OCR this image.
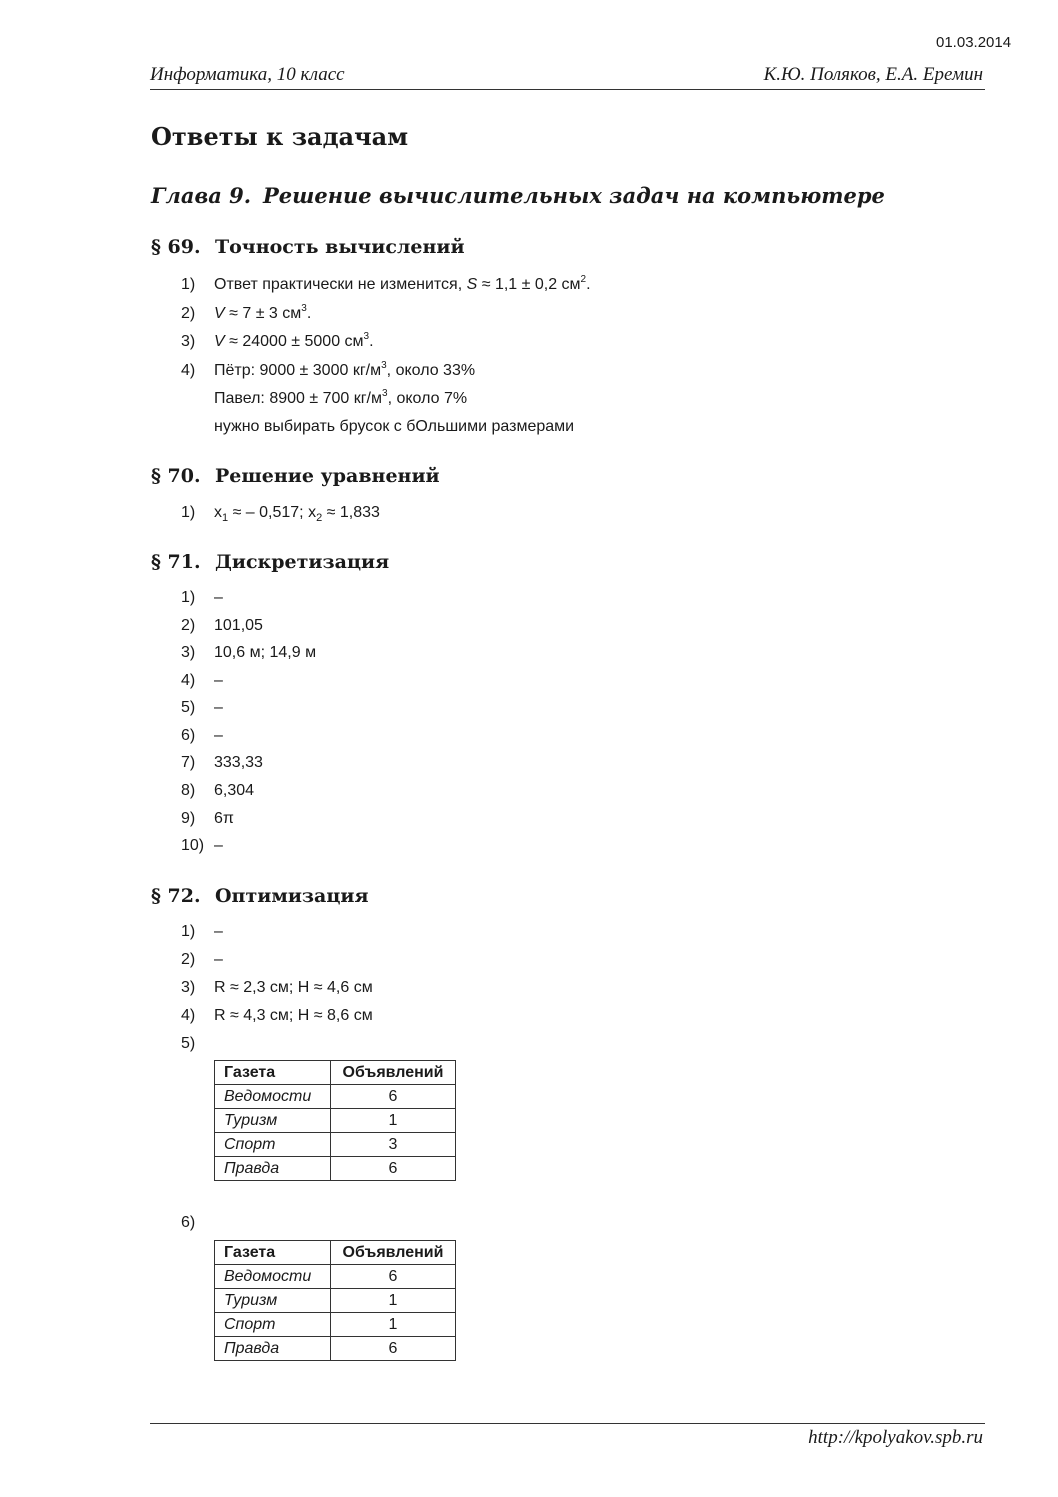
01.03.2014
Информатика, 10 класс	К.Ю. Поляков, Е.А. Еремин
Ответы к задачам
Глава 9. Решение вычислительных задач на компьютере
§ 69. Точность вычислений
1) Ответ практически не изменится, S ≈ 1,1 ± 0,2 $см^2$.
2) V ≈ 7 ± 3 $см^3$.
3) V ≈ 24000 ± 5000 $см^3$.
4) Пётр: 9000 ± 3000 $кг/м^3$, около 33%
Павел: 8900 ± 700 $кг/м^3$, около 7%
нужно выбирать брусок с бОльшими размерами
§ 70. Решение уравнений
1) $x_1$ ≈ – 0,517; $x_2 \approx 1,833$
§ 71. Дискретизация
1) –
2) 101,05
3) 10,6 м; 14,9 м
4) –
5) –
6) –
7) 333,33
8) 6,304
9) 6π
10) –
§ 72. Оптимизация
1) –
2) –
3) R ≈ 2,3 см; H ≈ 4,6 см
4) R ≈ 4,3 см; H ≈ 8,6 см
5)
Газета	Объявлений
Ведомости	6
Туризм	1
Спорт	3
Правда	6
6)
Газета	Объявлений
Ведомости	6
Туризм	1
Спорт	1
Правда	6
http://kpolyakov.spb.ru
